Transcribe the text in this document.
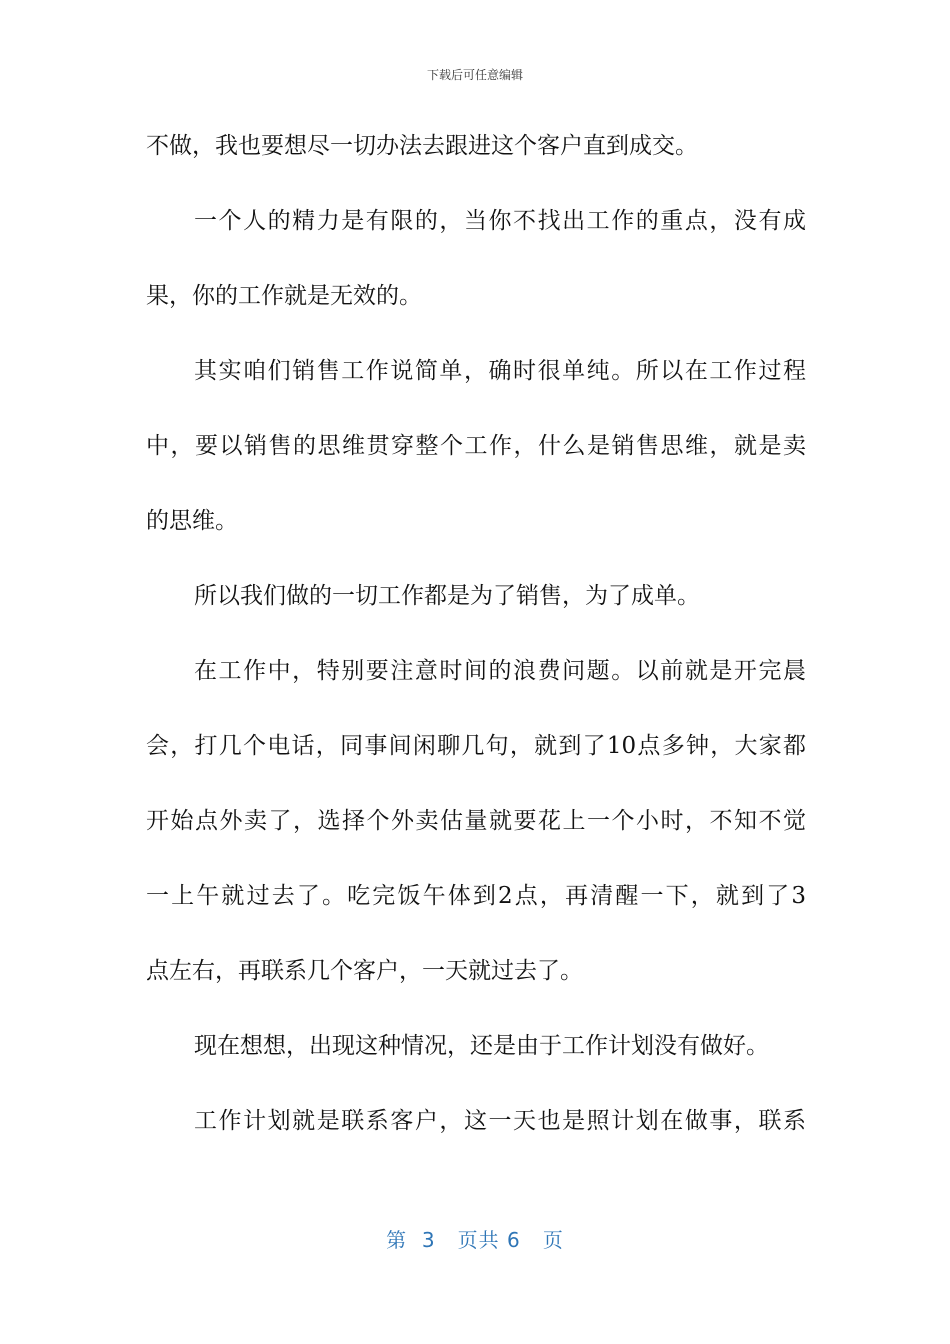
下载后可任意编辑
不做，我也要想尽一切办法去跟进这个客户直到成交。
一个人的精力是有限的，当你不找出工作的重点，没有成
果，你的工作就是无效的。
其实咱们销售工作说简单，确时很单纯。所以在工作过程
中，要以销售的思维贯穿整个工作，什么是销售思维，就是卖
的思维。
所以我们做的一切工作都是为了销售，为了成单。
在工作中，特别要注意时间的浪费问题。以前就是开完晨
会，打几个电话，同事间闲聊几句，就到了10点多钟，大家都
开始点外卖了，选择个外卖估量就要花上一个小时，不知不觉
一上午就过去了。吃完饭午体到2点，再清醒一下，就到了3
点左右，再联系几个客户，一天就过去了。
现在想想，出现这种情况，还是由于工作计划没有做好。
工作计划就是联系客户，这一天也是照计划在做事，联系
第  3   页共 6   页
